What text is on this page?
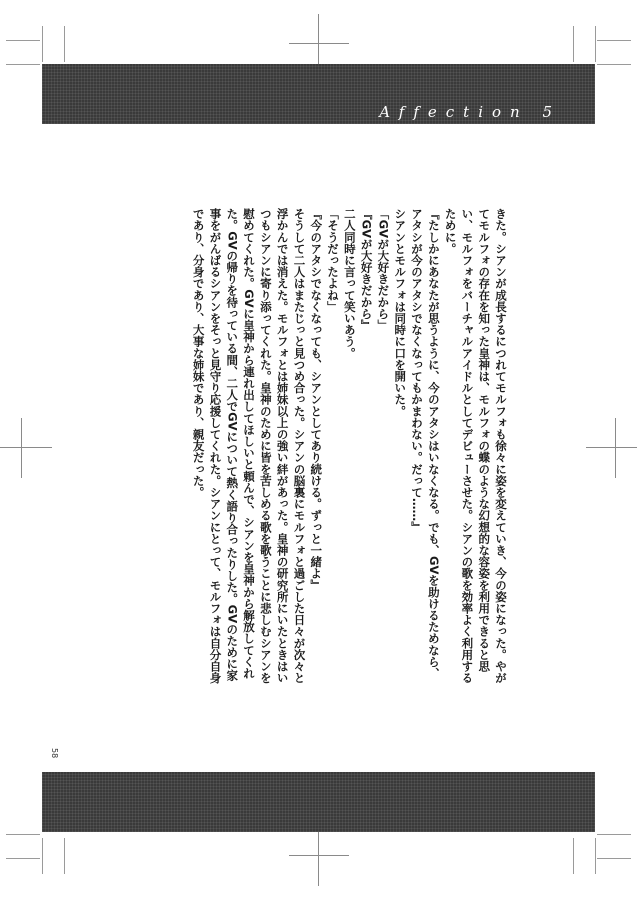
Affection 5

きた。シアンが成長するにつれてモルフォも徐々に姿を変えていき、今の姿になった。やがてモルフォの存在を知った皇神は、モルフォの蝶のような幻想的な容姿を利用できると思い、モルフォをバーチャルアイドルとしてデビューさせた。シアンの歌を効率よく利用するために。

『たしかにあなたが思うように、今のアタシはいなくなる。でも、GVを助けるためなら、アタシが今のアタシでなくなってもかまわない。だって……』

シアンとモルフォは同時に口を開いた。

「GVが大好きだから」

『GVが大好きだから』

二人同時に言って笑いあう。

「そうだったよね」

『今のアタシでなくなっても、シアンとしてあり続ける。ずっと一緒よ』

そうして二人はまたじっと見つめ合った。シアンの脳裏にモルフォと過ごした日々が次々と浮かんでは消えた。モルフォとは姉妹以上の強い絆があった。皇神の研究所にいたときはいつもシアンに寄り添ってくれた。皇神のために皆を苦しめる歌を歌うことに悲しむシアンを慰めてくれた。GVに皇神から連れ出してほしいと頼んで、シアンを皇神から解放してくれた。GVの帰りを待っている間、二人でGVについて熱く語り合ったりした。GVのために家事をがんばるシアンをそっと見守り応援してくれた。シアンにとって、モルフォは自分自身であり、分身であり、大事な姉妹であり、親友だった。

58
